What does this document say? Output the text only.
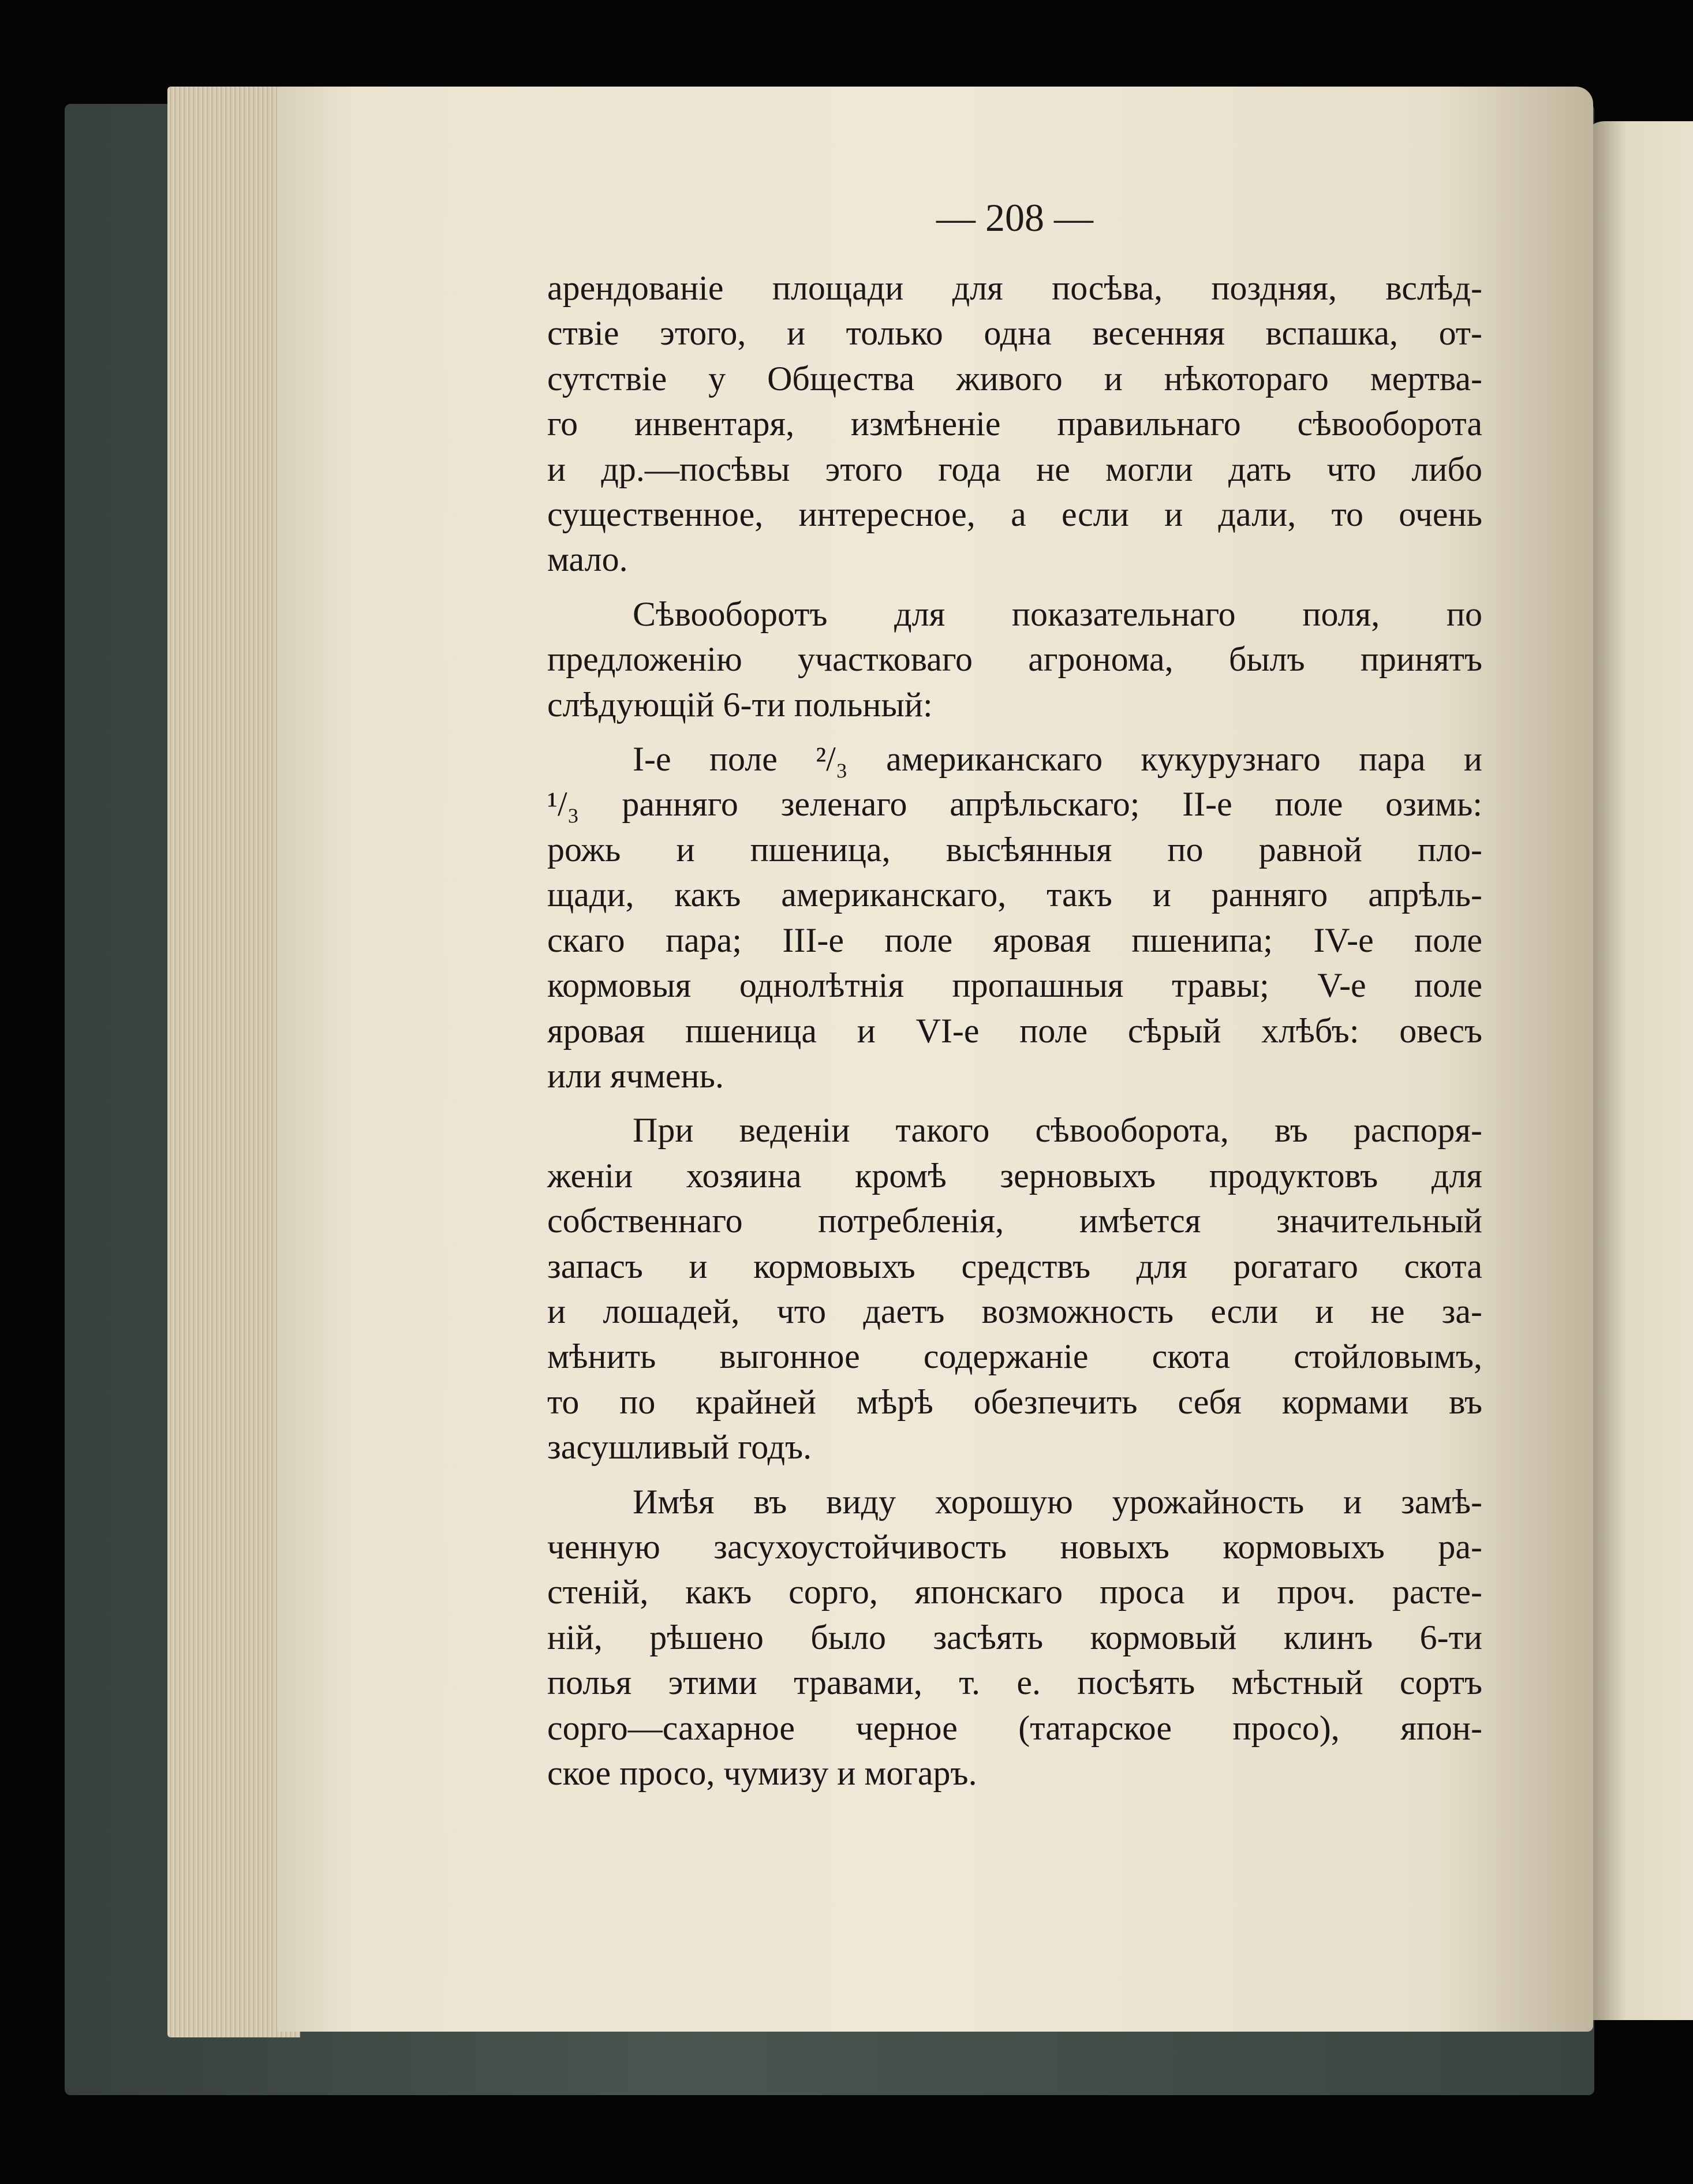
— 208 —

арендованіе площади для посѣва, поздняя, вслѣд-

ствіе этого, и только одна весенняя вспашка, от-

сутствіе у Общества живого и нѣкотораго мертва-

го инвентаря, измѣненіе правильнаго сѣвооборота

и др.—посѣвы этого года не могли дать что либо

существенное, интересное, а если и дали, то очень

мало.

Сѣвооборотъ для показательнаго поля, по

предложенію участковаго агронома, былъ принятъ

слѣдующій 6-ти польный:

I-е поле ²/₃ американскаго кукурузнаго пара и

¹/₃ ранняго зеленаго апрѣльскаго; II-е поле озимь:

рожь и пшеница, высѣянныя по равной пло-

щади, какъ американскаго, такъ и ранняго апрѣль-

скаго пара; III-е поле яровая пшенипа; IV-е поле

кормовыя однолѣтнія пропашныя травы; V-е поле

яровая пшеница и VI-е поле сѣрый хлѣбъ: овесъ

или ячмень.

При веденіи такого сѣвооборота, въ распоря-

женіи хозяина кромѣ зерновыхъ продуктовъ для

собственнаго потребленія, имѣется значительный

запасъ и кормовыхъ средствъ для рогатаго скота

и лошадей, что даетъ возможность если и не за-

мѣнить выгонное содержаніе скота стойловымъ,

то по крайней мѣрѣ обезпечить себя кормами въ

засушливый годъ.

Имѣя въ виду хорошую урожайность и замѣ-

ченную засухоустойчивость новыхъ кормовыхъ ра-

стеній, какъ сорго, японскаго проса и проч. расте-

ній, рѣшено было засѣять кормовый клинъ 6-ти

полья этими травами, т. е. посѣять мѣстный сортъ

сорго—сахарное черное (татарское просо), япон-

ское просо, чумизу и могаръ.
